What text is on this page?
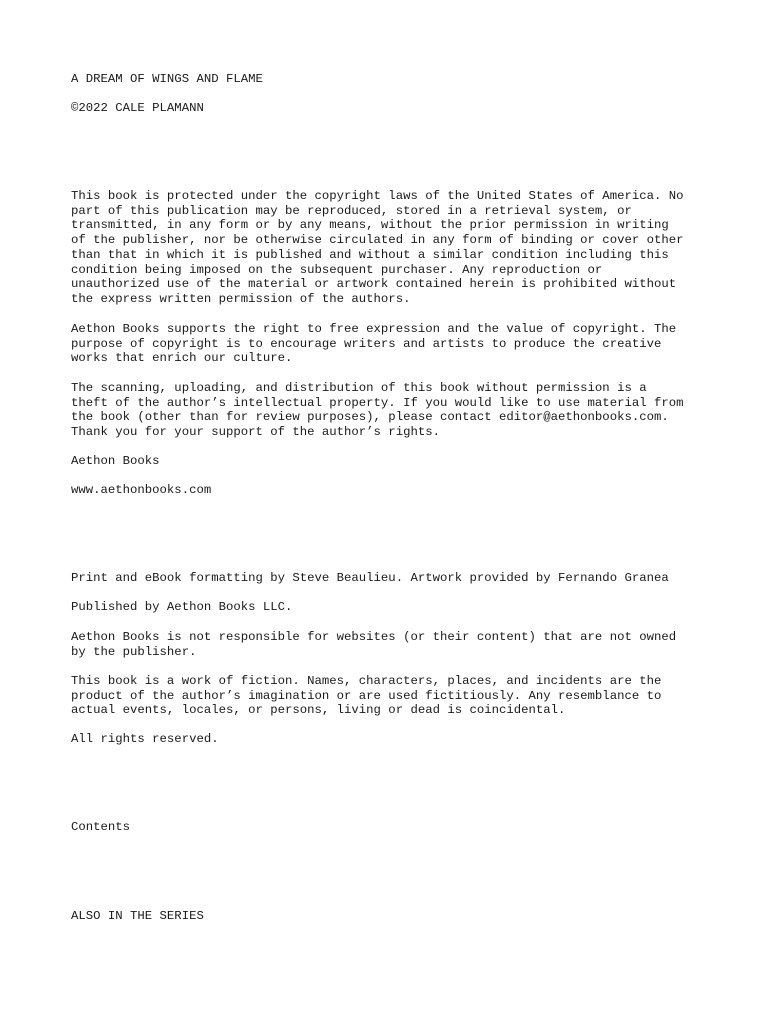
A DREAM OF WINGS AND FLAME

©2022 CALE PLAMANN

This book is protected under the copyright laws of the United States of America. No
part of this publication may be reproduced, stored in a retrieval system, or
transmitted, in any form or by any means, without the prior permission in writing
of the publisher, nor be otherwise circulated in any form of binding or cover other
than that in which it is published and without a similar condition including this
condition being imposed on the subsequent purchaser. Any reproduction or
unauthorized use of the material or artwork contained herein is prohibited without
the express written permission of the authors.

Aethon Books supports the right to free expression and the value of copyright. The
purpose of copyright is to encourage writers and artists to produce the creative
works that enrich our culture.

The scanning, uploading, and distribution of this book without permission is a
theft of the author’s intellectual property. If you would like to use material from
the book (other than for review purposes), please contact editor@aethonbooks.com.
Thank you for your support of the author’s rights.

Aethon Books

www.aethonbooks.com

Print and eBook formatting by Steve Beaulieu. Artwork provided by Fernando Granea

Published by Aethon Books LLC.

Aethon Books is not responsible for websites (or their content) that are not owned
by the publisher.

This book is a work of fiction. Names, characters, places, and incidents are the
product of the author’s imagination or are used fictitiously. Any resemblance to
actual events, locales, or persons, living or dead is coincidental.

All rights reserved.

Contents

ALSO IN THE SERIES
